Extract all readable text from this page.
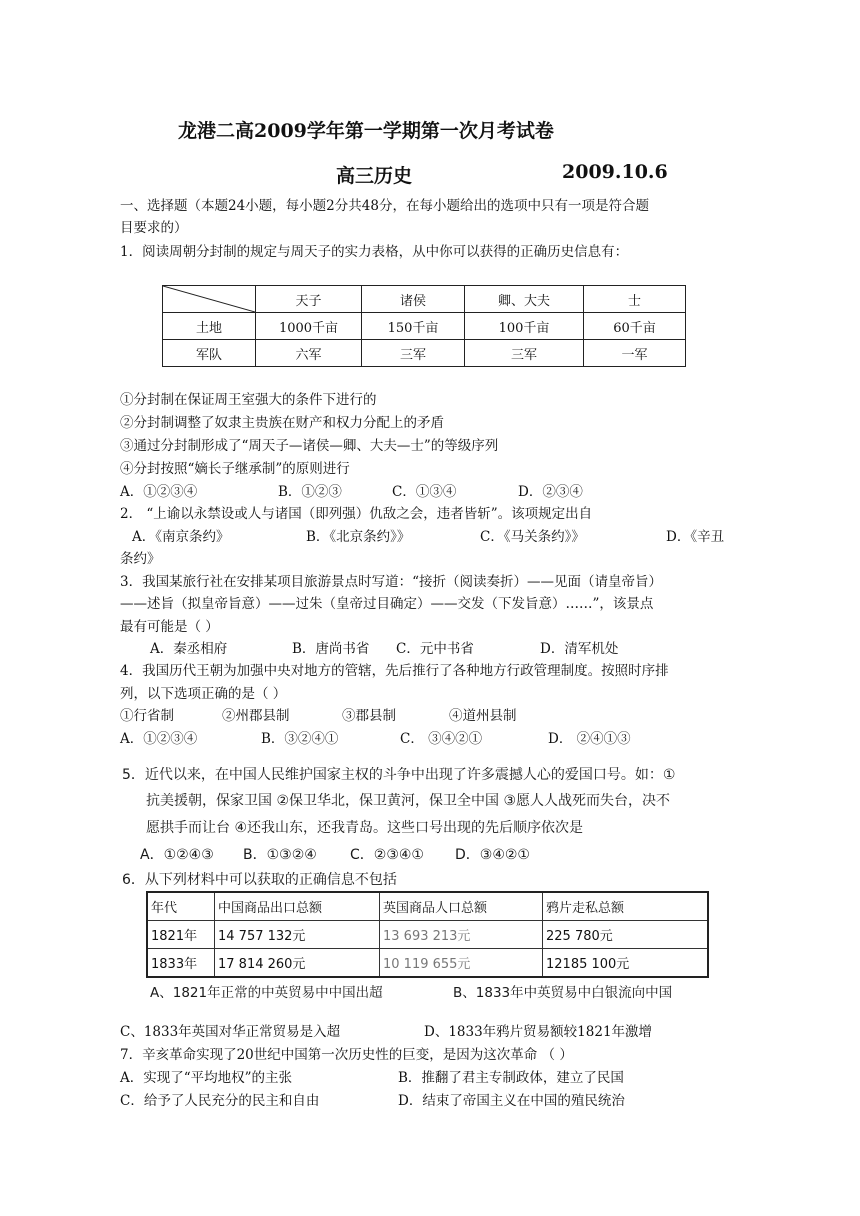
龙港二高2009学年第一学期第一次月考试卷
高三历史	2009.10.6
一、选择题（本题24小题，每小题2分共48分，在每小题给出的选项中只有一项是符合题
目要求的）
1．阅读周朝分封制的规定与周天子的实力表格，从中你可以获得的正确历史信息有：
	天子	诸侯	卿、大夫	士
土地	1000千亩	150千亩	100千亩	60千亩
军队	六军	三军	三军	一军
①分封制在保证周王室强大的条件下进行的
②分封制调整了奴隶主贵族在财产和权力分配上的矛盾
③通过分封制形成了“周天子—诸侯—卿、大夫—士”的等级序列
④分封按照“嫡长子继承制”的原则进行
A．①②③④	B．①②③	C．①③④	D．②③④
2． “上谕以永禁设或人与诸国（即列强）仇敌之会，违者皆斩”。该项规定出自
A．《南京条约》	B．《北京条约》》	C．《马关条约》》	D．《辛丑
条约》
3．我国某旅行社在安排某项目旅游景点时写道：“接折（阅读奏折）——见面（请皇帝旨）
——述旨（拟皇帝旨意）——过朱（皇帝过目确定）——交发（下发旨意）……”，该景点
最有可能是（ ）
A．秦丞相府	B．唐尚书省 C．元中书省	D．清军机处
4．我国历代王朝为加强中央对地方的管辖，先后推行了各种地方行政管理制度。按照时序排
列，以下选项正确的是（ ）
①行省制	②州郡县制	③郡县制	④道州县制
A．①②③④	B．③②④①	C． ③④②①	D． ②④①③
5．近代以来，在中国人民维护国家主权的斗争中出现了许多震撼人心的爱国口号。如：①
抗美援朝，保家卫国 ②保卫华北，保卫黄河，保卫全中国 ③愿人人战死而失台，决不
愿拱手而让台 ④还我山东，还我青岛。这些口号出现的先后顺序依次是
A．①②④③ B．①③②④ C．②③④① D．③④②①
6．从下列材料中可以获取的正确信息不包括
年代	中国商品出口总额	英国商品人口总额	鸦片走私总额
1821年	14 757 132元	13 693 213元	225 780元
1833年	17 814 260元	10 119 655元	12185 100元
A、1821年正常的中英贸易中中国出超	B、1833年中英贸易中白银流向中国
C、1833年英国对华正常贸易是入超	D、1833年鸦片贸易额较1821年激增
7．辛亥革命实现了20世纪中国第一次历史性的巨变，是因为这次革命 （ ）
A．实现了“平均地权”的主张	B．推翻了君主专制政体，建立了民国
C．给予了人民充分的民主和自由	D．结束了帝国主义在中国的殖民统治
